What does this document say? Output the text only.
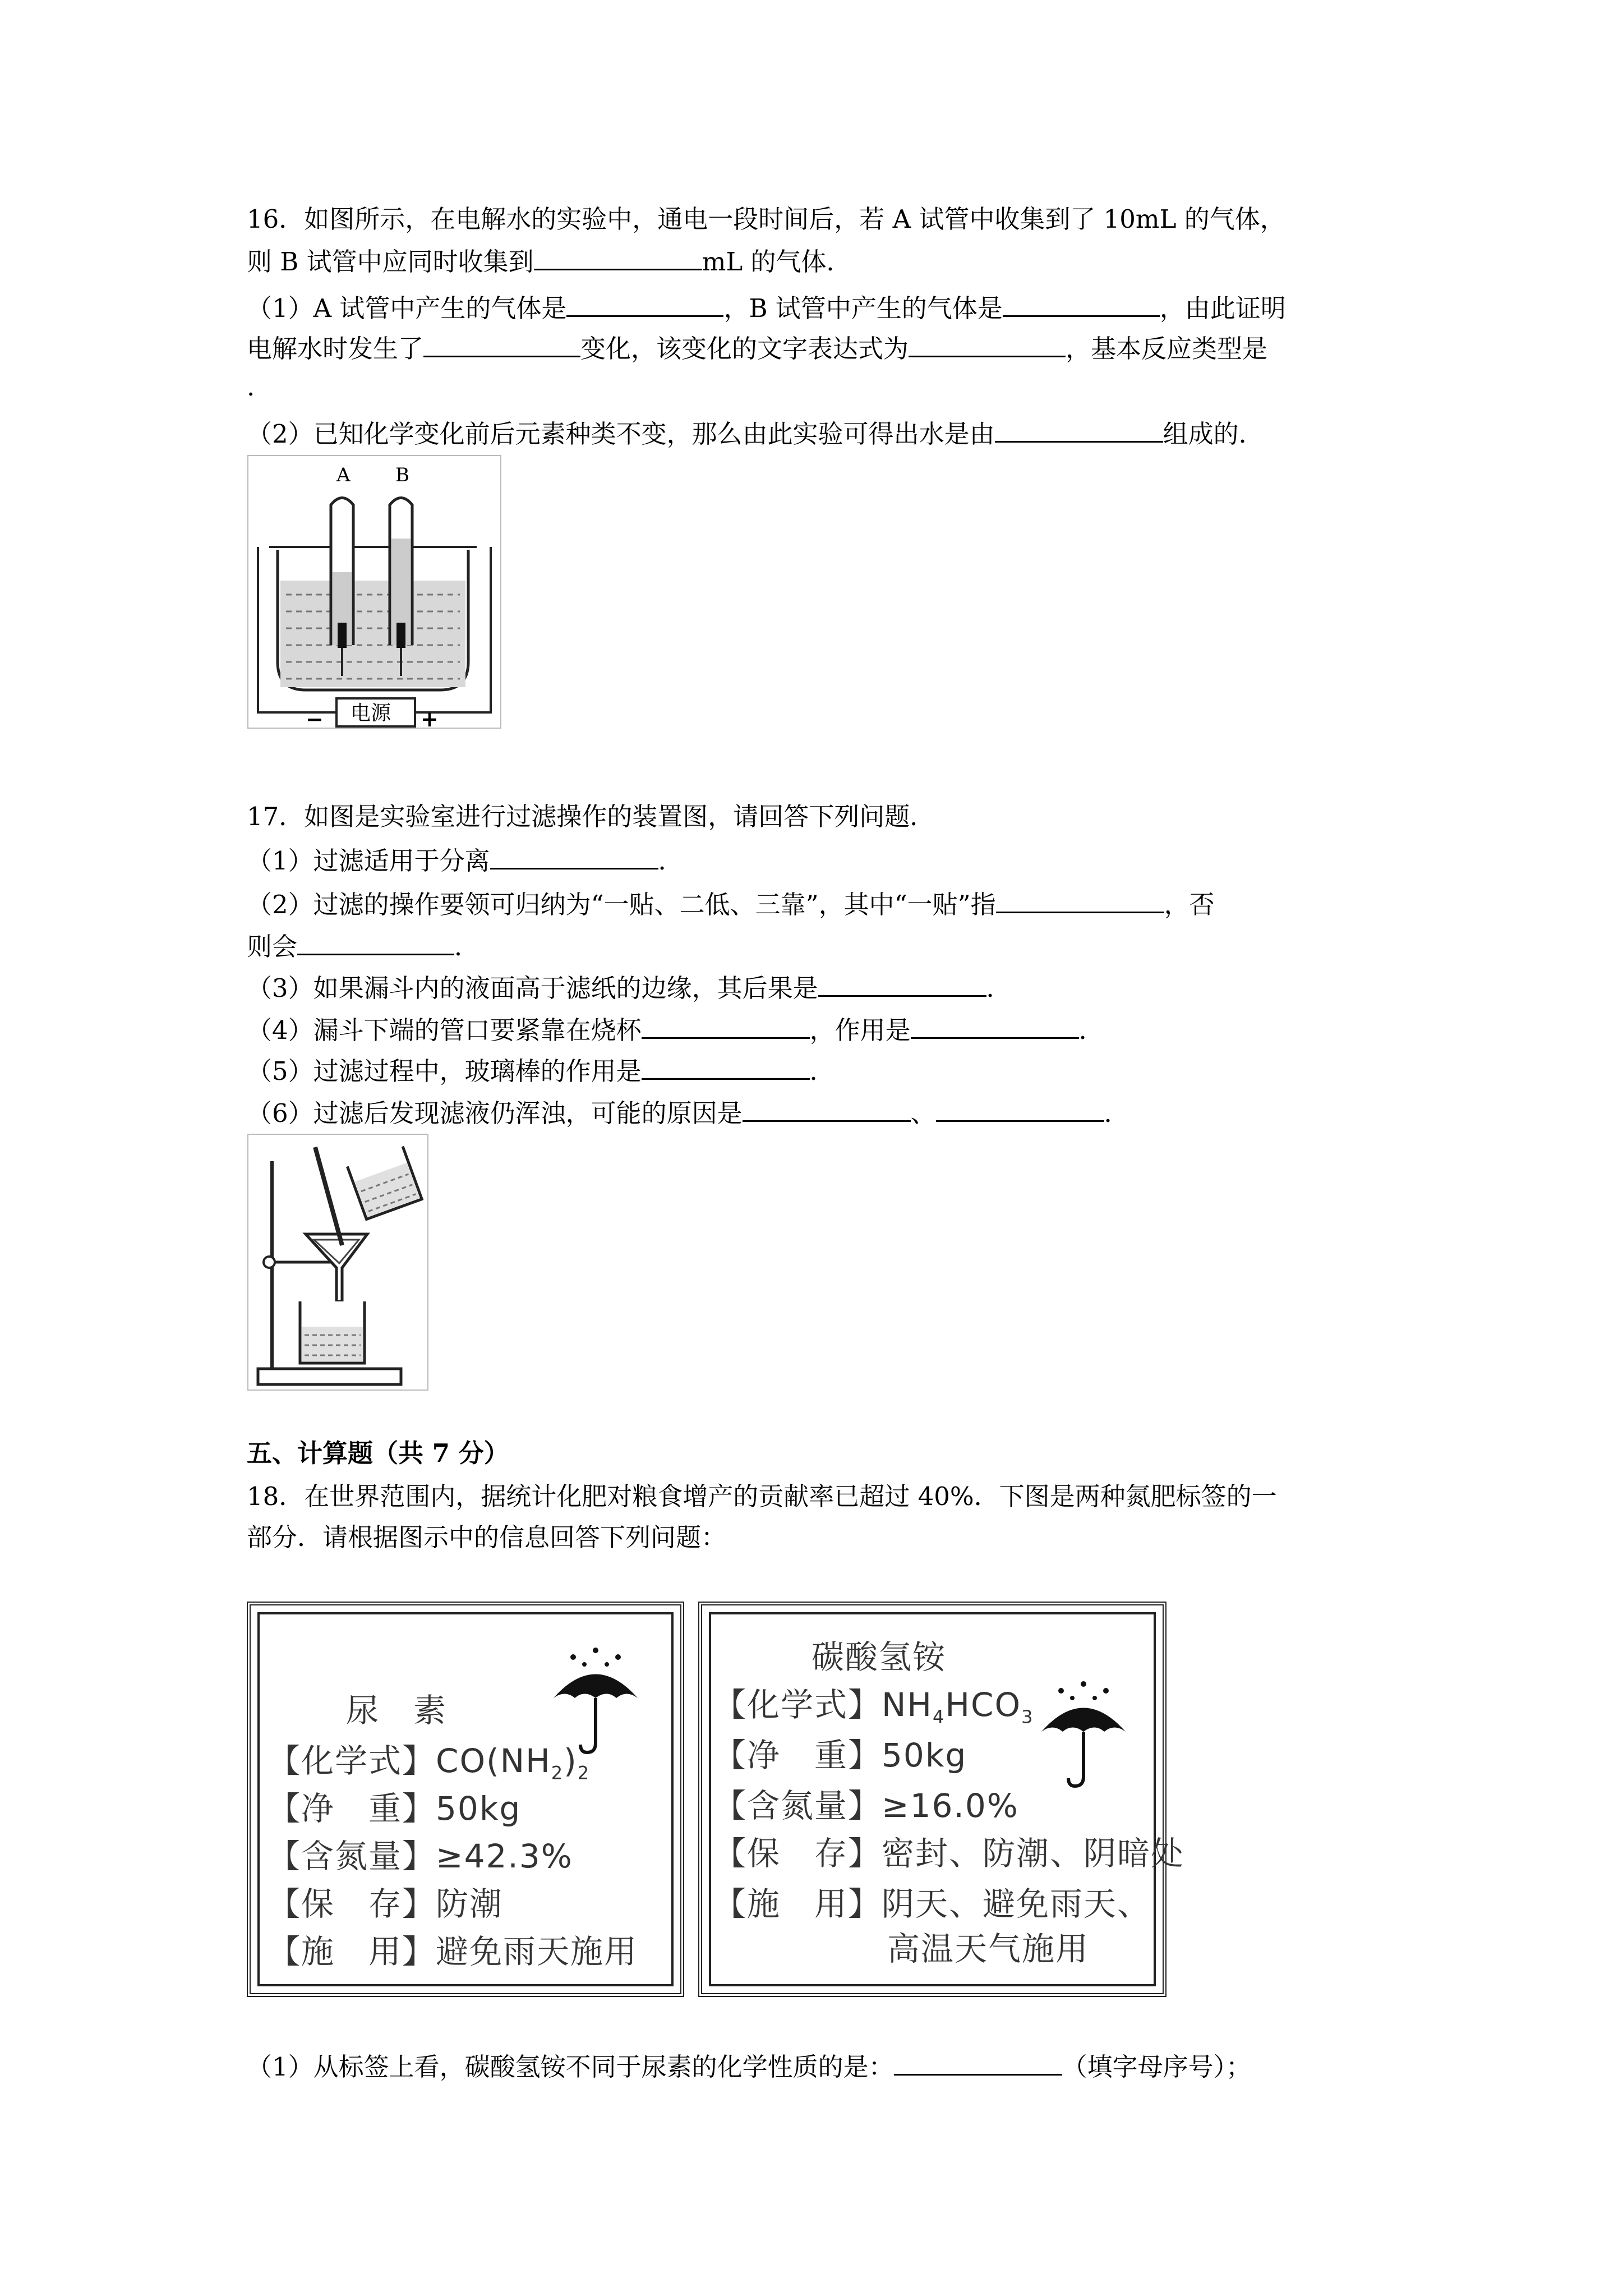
16．如图所示，在电解水的实验中，通电一段时间后，若 A 试管中收集到了 10mL 的气体，
则 B 试管中应同时收集到	mL 的气体．
（1）A 试管中产生的气体是	，B 试管中产生的气体是	，由此证明
电解水时发生了	变化，该变化的文字表达式为	，基本反应类型是
.
（2）已知化学变化前后元素种类不变，那么由此实验可得出水是由	组成的．
A B
电源
−	+
17．如图是实验室进行过滤操作的装置图，请回答下列问题．
（1）过滤适用于分离	．
（2）过滤的操作要领可归纳为“一贴、二低、三靠”，其中“一贴”指	，否
则会	．
（3）如果漏斗内的液面高于滤纸的边缘，其后果是	．
（4）漏斗下端的管口要紧靠在烧杯	，作用是	．
（5）过滤过程中，玻璃棒的作用是	．
（6）过滤后发现滤液仍浑浊，可能的原因是	、	．
五、计算题（共 7 分）
18．在世界范围内，据统计化肥对粮食增产的贡献率已超过 40%．下图是两种氮肥标签的一
部分．请根据图示中的信息回答下列问题：
尿　素
【化学式】$CO(NH_2)_2$
【净　重】50kg
【含氮量】≥42.3%
【保　存】防潮
【施　用】避免雨天施用
碳酸氢铵
【化学式】$NH_4HCO_3$
【净　重】50kg
【含氮量】≥16.0%
【保　存】密封、防潮、阴暗处
【施　用】阴天、避免雨天、
高温天气施用
（1）从标签上看，碳酸氢铵不同于尿素的化学性质的是：	（填字母序号）；
